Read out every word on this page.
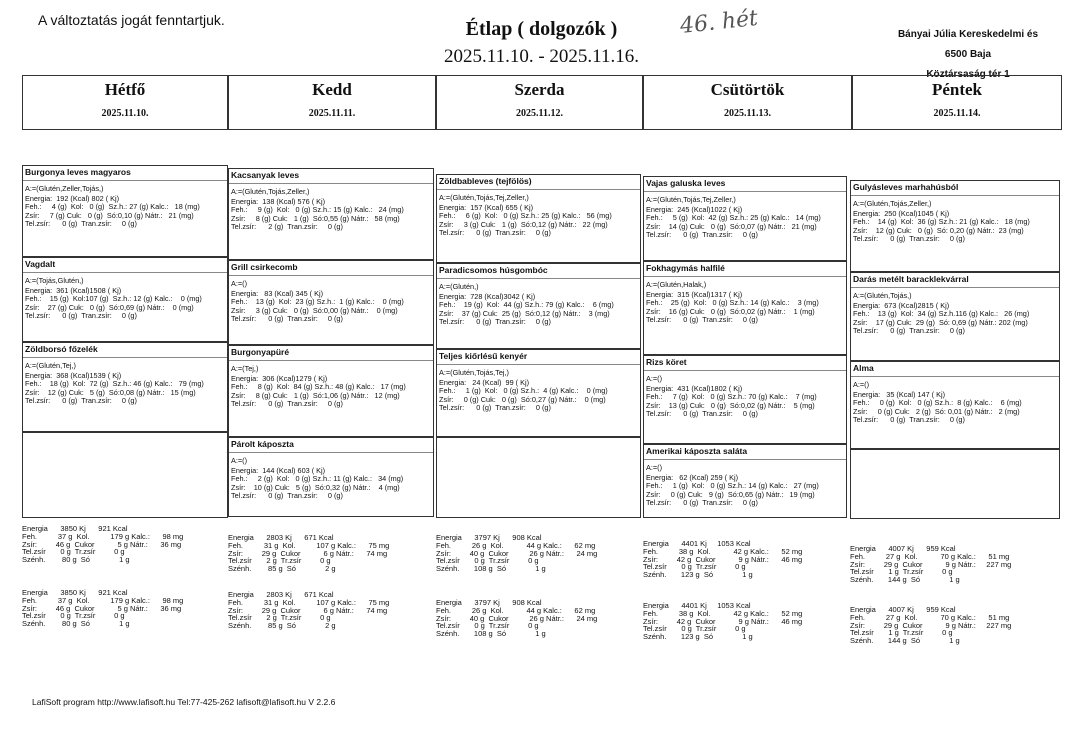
A változtatás jogát fenntartjuk.	Étlap ( dolgozók )	46. hét
2025.11.10. - 2025.11.16.
Bányai Júlia Kereskedelmi és
6500 Baja
Köztársaság tér 1
Hétfő
2025.11.10.
Burgonya leves magyaros
A:=(Glutén,Zeller,Tojás,)
Energia:  192 (Kcal) 802 ( Kj)
Feh.:     4 (g)  Kol:   0 (g)  Sz.h.: 27 (g) Kalc.:   18 (mg)
Zsír:     7 (g) Cuk:   0 (g)  Só:0,10 (g) Nátr.:   21 (mg)
Tel.zsír:      0 (g)  Tran.zsír:     0 (g)
Vagdalt
A:=(Tojás,Glutén,)
Energia:  361 (Kcal)1508 ( Kj)
Feh.:    15 (g)  Kol:107 (g)  Sz.h.: 12 (g) Kalc.:    0 (mg)
Zsír:    27 (g) Cuk:   0 (g)  Só:0,69 (g) Nátr.:    0 (mg)
Tel.zsír:      0 (g)  Tran.zsír:     0 (g)
Zöldborsó főzelék
A:=(Glutén,Tej,)
Energia:  368 (Kcal)1539 ( Kj)
Feh.:    18 (g)  Kol:  72 (g)  Sz.h.: 46 (g) Kalc.:   79 (mg)
Zsír:    12 (g) Cuk:   5 (g)  Só:0,08 (g) Nátr.:   15 (mg)
Tel.zsír:      0 (g)  Tran.zsír:     0 (g)
Energia      3850 Kj      921 Kcal
Feh.          37 g  Kol.          179 g Kalc.:      98 mg
Zsír:         46 g  Cukor           5 g Nátr.:      36 mg
Tel.zsír       0 g  Tr.zsír         0 g
Szénh.        80 g  Só              1 g
Energia      3850 Kj      921 Kcal
Feh.          37 g  Kol.          179 g Kalc.:      98 mg
Zsír:         46 g  Cukor           5 g Nátr.:      36 mg
Tel.zsír       0 g  Tr.zsír         0 g
Szénh.        80 g  Só              1 g
Kedd
2025.11.11.
Kacsanyak leves
A:=(Glutén,Tojás,Zeller,)
Energia:  138 (Kcal) 576 ( Kj)
Feh.:     9 (g)  Kol:   0 (g) Sz.h.: 15 (g) Kalc.:   24 (mg)
Zsír:     8 (g) Cuk:   1 (g)  Só:0,55 (g) Nátr.:   58 (mg)
Tel.zsír:      2 (g)  Tran.zsír:     0 (g)
Grill csirkecomb
A:=()
Energia:   83 (Kcal) 345 ( Kj)
Feh.:    13 (g)  Kol:  23 (g) Sz.h.:  1 (g) Kalc.:    0 (mg)
Zsír:     3 (g) Cuk:   0 (g)  Só:0,00 (g) Nátr.:    0 (mg)
Tel.zsír:      0 (g)  Tran.zsír:     0 (g)
Burgonyapüré
A:=(Tej,)
Energia:  306 (Kcal)1279 ( Kj)
Feh.:     8 (g)  Kol:  84 (g) Sz.h.: 48 (g) Kalc.:   17 (mg)
Zsír:     8 (g) Cuk:   1 (g)  Só:1,06 (g) Nátr.:   12 (mg)
Tel.zsír:      0 (g)  Tran.zsír:     0 (g)
Párolt káposzta
A:=()
Energia:  144 (Kcal) 603 ( Kj)
Feh.:     2 (g)  Kol:   0 (g) Sz.h.: 11 (g) Kalc.:   34 (mg)
Zsír:    10 (g) Cuk:   5 (g)  Só:0,32 (g) Nátr.:    4 (mg)
Tel.zsír:      0 (g)  Tran.zsír:     0 (g)
Energia      2803 Kj      671 Kcal
Feh.          31 g  Kol.          107 g Kalc.:      75 mg
Zsír:         29 g  Cukor           6 g Nátr.:      74 mg
Tel.zsír       2 g  Tr.zsír         0 g
Szénh.        85 g  Só              2 g
Energia      2803 Kj      671 Kcal
Feh.          31 g  Kol.          107 g Kalc.:      75 mg
Zsír:         29 g  Cukor           6 g Nátr.:      74 mg
Tel.zsír       2 g  Tr.zsír         0 g
Szénh.        85 g  Só              2 g
Szerda
2025.11.12.
Zöldbableves (tejfölös)
A:=(Glutén,Tojás,Tej,Zeller,)
Energia:  157 (Kcal) 655 ( Kj)
Feh.:     6 (g)  Kol:   0 (g) Sz.h.: 25 (g) Kalc.:   56 (mg)
Zsír:     3 (g) Cuk:   1 (g)  Só:0,12 (g) Nátr.:   22 (mg)
Tel.zsír:      0 (g)  Tran.zsír:     0 (g)
Paradicsomos húsgombóc
A:=(Glutén,)
Energia:  728 (Kcal)3042 ( Kj)
Feh.:    19 (g)  Kol:  44 (g) Sz.h.: 79 (g) Kalc.:    6 (mg)
Zsír:    37 (g) Cuk:  25 (g)  Só:0,12 (g) Nátr.:    3 (mg)
Tel.zsír:      0 (g)  Tran.zsír:     0 (g)
Teljes kiőrlésű kenyér
A:=(Glutén,Tojás,Tej,)
Energia:   24 (Kcal)  99 ( Kj)
Feh.:     1 (g)  Kol:   0 (g) Sz.h.:  4 (g) Kalc.:    0 (mg)
Zsír:     0 (g) Cuk:   0 (g)  Só:0,27 (g) Nátr.:    0 (mg)
Tel.zsír:      0 (g)  Tran.zsír:     0 (g)
Energia      3797 Kj      908 Kcal
Feh.          26 g  Kol.           44 g Kalc.:      62 mg
Zsír:         40 g  Cukor          26 g Nátr.:      24 mg
Tel.zsír       0 g  Tr.zsír         0 g
Szénh.       108 g  Só              1 g
Energia      3797 Kj      908 Kcal
Feh.          26 g  Kol.           44 g Kalc.:      62 mg
Zsír:         40 g  Cukor          26 g Nátr.:      24 mg
Tel.zsír       0 g  Tr.zsír         0 g
Szénh.       108 g  Só              1 g
Csütörtök
2025.11.13.
Vajas galuska leves
A:=(Glutén,Tojás,Tej,Zeller,)
Energia:  245 (Kcal)1022 ( Kj)
Feh.:     5 (g)  Kol:  42 (g) Sz.h.: 25 (g) Kalc.:   14 (mg)
Zsír:    14 (g) Cuk:   0 (g)  Só:0,07 (g) Nátr.:   21 (mg)
Tel.zsír:      0 (g)  Tran.zsír:     0 (g)
Fokhagymás halfilé
A:=(Glutén,Halak,)
Energia:  315 (Kcal)1317 ( Kj)
Feh.:    25 (g)  Kol:   0 (g) Sz.h.: 14 (g) Kalc.:    3 (mg)
Zsír:    16 (g) Cuk:   0 (g)  Só:0,02 (g) Nátr.:    1 (mg)
Tel.zsír:      0 (g)  Tran.zsír:     0 (g)
Rizs köret
A:=()
Energia:  431 (Kcal)1802 ( Kj)
Feh.:     7 (g)  Kol:   0 (g) Sz.h.: 70 (g) Kalc.:    7 (mg)
Zsír:    13 (g) Cuk:   0 (g)  Só:0,02 (g) Nátr.:    5 (mg)
Tel.zsír:      0 (g)  Tran.zsír:     0 (g)
Amerikai káposzta saláta
A:=()
Energia:   62 (Kcal) 259 ( Kj)
Feh.:     1 (g)  Kol:   0 (g) Sz.h.: 14 (g) Kalc.:   27 (mg)
Zsír:     0 (g) Cuk:   9 (g)  Só:0,65 (g) Nátr.:   19 (mg)
Tel.zsír:      0 (g)  Tran.zsír:     0 (g)
Energia      4401 Kj     1053 Kcal
Feh.          38 g  Kol.           42 g Kalc.:      52 mg
Zsír:         42 g  Cukor           9 g Nátr.:      46 mg
Tel.zsír       0 g  Tr.zsír         0 g
Szénh.       123 g  Só              1 g
Energia      4401 Kj     1053 Kcal
Feh.          38 g  Kol.           42 g Kalc.:      52 mg
Zsír:         42 g  Cukor           9 g Nátr.:      46 mg
Tel.zsír       0 g  Tr.zsír         0 g
Szénh.       123 g  Só              1 g
Péntek
2025.11.14.
Gulyásleves marhahúsból
A:=(Glutén,Tojás,Zeller,)
Energia:  250 (Kcal)1045 ( Kj)
Feh.:    14 (g)  Kol:  36 (g) Sz.h.: 21 (g) Kalc.:   18 (mg)
Zsír:    12 (g) Cuk:   0 (g)  Só: 0,20 (g) Nátr.:  23 (mg)
Tel.zsír:      0 (g)  Tran.zsír:     0 (g)
Darás metélt baracklekvárral
A:=(Glutén,Tojás,)
Energia:  673 (Kcal)2815 ( Kj)
Feh.:    13 (g)  Kol:  34 (g) Sz.h.116 (g) Kalc.:   26 (mg)
Zsír:    17 (g) Cuk:  29 (g)  Só: 0,69 (g) Nátr.: 202 (mg)
Tel.zsír:      0 (g)  Tran.zsír:     0 (g)
Alma
A:=()
Energia:   35 (Kcal) 147 ( Kj)
Feh.:     0 (g)  Kol:   0 (g) Sz.h.:  8 (g) Kalc.:    6 (mg)
Zsír:     0 (g) Cuk:   2 (g)  Só: 0,01 (g) Nátr.:   2 (mg)
Tel.zsír:      0 (g)  Tran.zsír:     0 (g)
Energia      4007 Kj      959 Kcal
Feh.          27 g  Kol.           70 g Kalc.:      51 mg
Zsír:         29 g  Cukor           9 g Nátr.:     227 mg
Tel.zsír       1 g  Tr.zsír         0 g
Szénh.       144 g  Só              1 g
Energia      4007 Kj      959 Kcal
Feh.          27 g  Kol.           70 g Kalc.:      51 mg
Zsír:         29 g  Cukor           9 g Nátr.:     227 mg
Tel.zsír       1 g  Tr.zsír         0 g
Szénh.       144 g  Só              1 g
LafiSoft program http://www.lafisoft.hu Tel:77-425-262 lafisoft@lafisoft.hu V 2.2.6
